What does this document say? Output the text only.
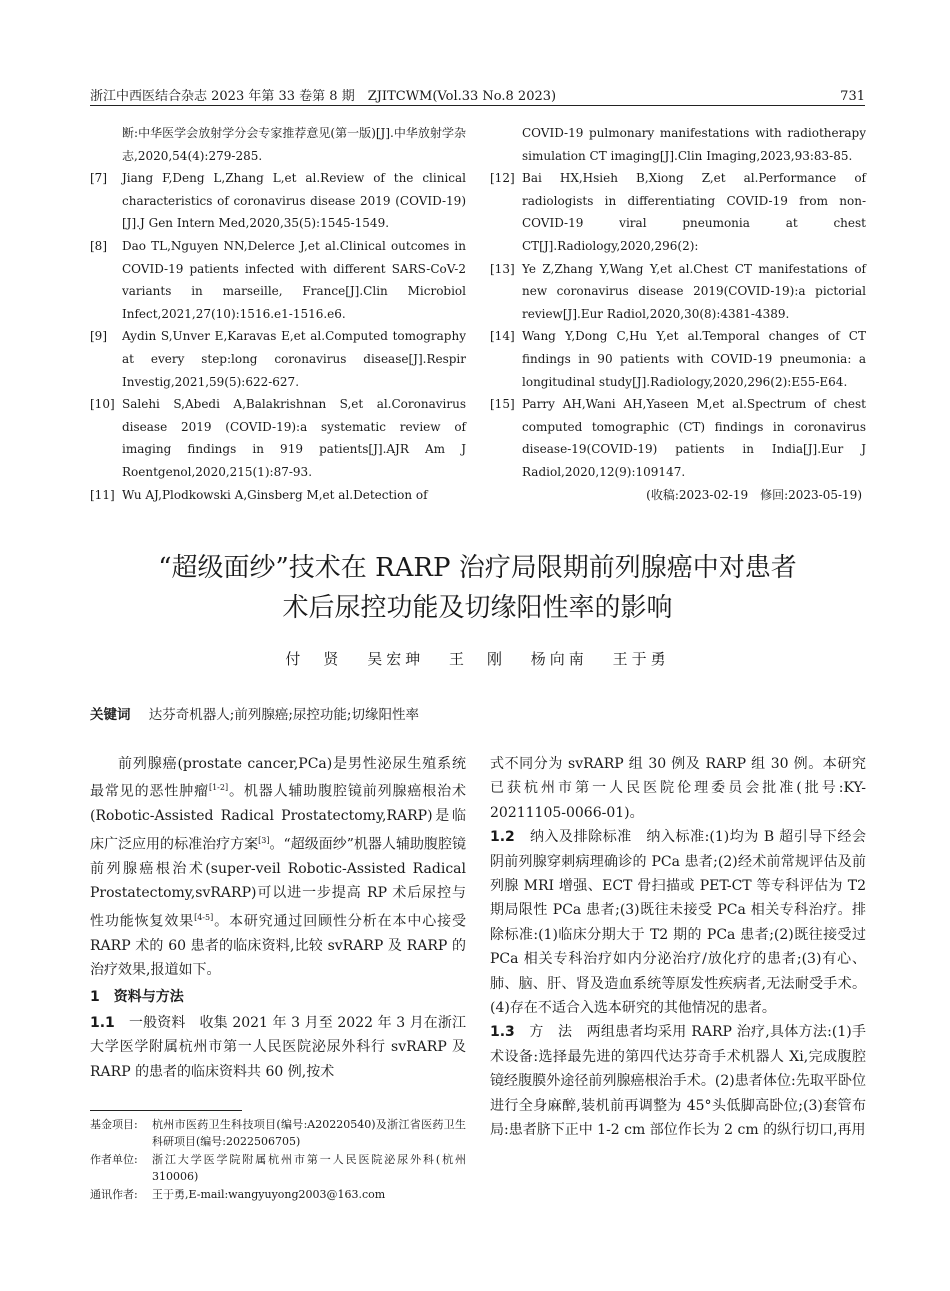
浙江中西医结合杂志 2023 年第 33 卷第 8 期　ZJITCWM(Vol.33 No.8 2023)	731
断:中华医学会放射学分会专家推荐意见(第一版)[J].中华放射学杂志,2020,54(4):279-285.
[7] Jiang F,Deng L,Zhang L,et al.Review of the clinical characteristics of coronavirus disease 2019 (COVID-19)[J].J Gen Intern Med,2020,35(5):1545-1549.
[8] Dao TL,Nguyen NN,Delerce J,et al.Clinical outcomes in COVID-19 patients infected with different SARS-CoV-2 variants in marseille, France[J].Clin Microbiol Infect,2021,27(10):1516.e1-1516.e6.
[9] Aydin S,Unver E,Karavas E,et al.Computed tomography at every step:long coronavirus disease[J].Respir Investig,2021,59(5):622-627.
[10] Salehi S,Abedi A,Balakrishnan S,et al.Coronavirus disease 2019 (COVID-19):a systematic review of imaging findings in 919 patients[J].AJR Am J Roentgenol,2020,215(1):87-93.
[11] Wu AJ,Plodkowski A,Ginsberg M,et al.Detection of
COVID-19 pulmonary manifestations with radiotherapy simulation CT imaging[J].Clin Imaging,2023,93:83-85.
[12] Bai HX,Hsieh B,Xiong Z,et al.Performance of radiologists in differentiating COVID-19 from non-COVID-19 viral pneumonia at chest CT[J].Radiology,2020,296(2):
[13] Ye Z,Zhang Y,Wang Y,et al.Chest CT manifestations of new coronavirus disease 2019(COVID-19):a pictorial review[J].Eur Radiol,2020,30(8):4381-4389.
[14] Wang Y,Dong C,Hu Y,et al.Temporal changes of CT findings in 90 patients with COVID-19 pneumonia: a longitudinal study[J].Radiology,2020,296(2):E55-E64.
[15] Parry AH,Wani AH,Yaseen M,et al.Spectrum of chest computed tomographic (CT) findings in coronavirus disease-19(COVID-19) patients in India[J].Eur J Radiol,2020,12(9):109147.
(收稿:2023-02-19　修回:2023-05-19)
“超级面纱”技术在 RARP 治疗局限期前列腺癌中对患者
术后尿控功能及切缘阳性率的影响
付　贤 吴宏珅 王　刚 杨向南 王于勇
关键词 达芬奇机器人;前列腺癌;尿控功能;切缘阳性率

前列腺癌(prostate cancer,PCa)是男性泌尿生殖系统最常见的恶性肿瘤[1-2]。机器人辅助腹腔镜前列腺癌根治术(Robotic-Assisted Radical Prostatectomy,RARP)是临床广泛应用的标准治疗方案[3]。“超级面纱”机器人辅助腹腔镜前列腺癌根治术(super-veil Robotic-Assisted Radical Prostatectomy,svRARP)可以进一步提高 RP 术后尿控与性功能恢复效果[4-5]。本研究通过回顾性分析在本中心接受 RARP 术的 60 患者的临床资料,比较 svRARP 及 RARP 的治疗效果,报道如下。

1　资料与方法

1.1　 一般资料　收集 2021 年 3 月至 2022 年 3 月在浙江大学医学附属杭州市第一人民医院泌尿外科行 svRARP 及 RARP 的患者的临床资料共 60 例,按术

式不同分为 svRARP 组 30 例及 RARP 组 30 例。本研究已获杭州市第一人民医院伦理委员会批准(批号:KY-20211105-0066-01)。

1.2　 纳入及排除标准　纳入标准:(1)均为 B 超引导下经会阴前列腺穿刺病理确诊的 PCa 患者;(2)经术前常规评估及前列腺 MRI 增强、ECT 骨扫描或 PET-CT 等专科评估为 T2 期局限性 PCa 患者;(3)既往未接受 PCa 相关专科治疗。排除标准:(1)临床分期大于 T2 期的 PCa 患者;(2)既往接受过 PCa 相关专科治疗如内分泌治疗/放化疗的患者;(3)有心、肺、脑、肝、肾及造血系统等原发性疾病者,无法耐受手术。(4)存在不适合入选本研究的其他情况的患者。

1.3　 方　法　两组患者均采用 RARP 治疗,具体方法:(1)手术设备:选择最先进的第四代达芬奇手术机器人 Xi,完成腹腔镜经腹膜外途径前列腺癌根治手术。(2)患者体位:先取平卧位进行全身麻醉,装机前再调整为 45°头低脚高卧位;(3)套管布局:患者脐下正中 1-2 cm 部位作长为 2 cm 的纵行切口,再用

基金项目: 杭州市医药卫生科技项目(编号:A20220540)及浙江省医药卫生科研项目(编号:2022506705)
作者单位: 浙江大学医学院附属杭州市第一人民医院泌尿外科(杭州 310006)
通讯作者: 王于勇,E-mail:wangyuyong2003@163.com
